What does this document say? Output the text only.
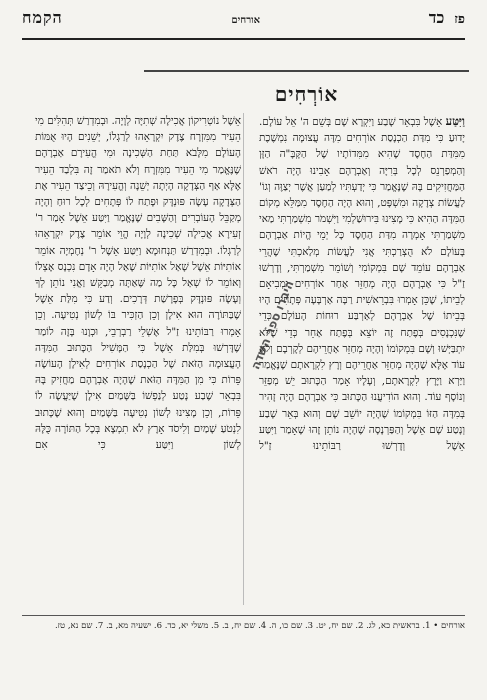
פז
כד
אורחים
הקמח
אוֹרְחִים

וַיִּטַּע אֵשֶׁל בִּבְאֵר שָׁבַע וַיִּקְרָא שָׁם בְּשֵׁם ה' אֵל עוֹלָם. יָדוּעַ כִּי מִדַּת הַכְנָסַת אוֹרְחִים מִדָּה עֲצוּמָה נִמְשֶׁכֶת מִמִּדַּת הַחֶסֶד שֶׁהִיא מִמִּדוֹתָיו שֶׁל הַקָּבָּ"ה הַזָּן וְהַמְפַרְנֵס לְכָל בְּרִיָּה וְאַבְרָהָם אָבִינוּ הָיָה רֹאשׁ הַמַּחֲזִיקִים בָּהּ שֶׁנֶּאֱמַר כִּי יְדַעְתִּיו לְמַעַן אֲשֶׁר יְצַוֶּה וְגוֹ' לַעֲשׂוֹת צְדָקָה וּמִשְׁפָּט, וְהוּא הָיָה הַחֶסֶד מִמַּלֵּא מְקוֹם הַמִּדָּה הַהִיא כִּי מָצִינוּ בִּירוּשַׁלְמִי וַיִּשְׁמֹר מִשְׁמַרְתִּי מַאי מִשְׁמַרְתִּי אָמְרָה מִדַּת הַחֶסֶד כָּל יְמֵי הֱיוֹת אַבְרָהָם בָּעוֹלָם לֹא הֻצְרַכְתִּי אֲנִי לַעֲשׂוֹת מְלַאכְתִּי שֶׁהֲרֵי אַבְרָהָם עוֹמֵד שָׁם בִּמְקוֹמִי וְשׁוֹמֵר מִשְׁמַרְתִּי, וְדָרְשׁוּ זַ"ל כִּי אַבְרָהָם הָיָה מְחַזֵּר אַחַר אוֹרְחִים וּמְבִיאָם לְבֵיתוֹ, שֶׁכֵּן אָמְרוּ בִּבְרֵאשִׁית רַבָּה אַרְבָּעָה פְּתָחִים הָיוּ בְּבֵיתוֹ שֶׁל אַבְרָהָם לְאַרְבַּע רוּחוֹת הָעוֹלָם כְּדֵי שֶׁנִּכְנָסִים בְּפֶתַח זֶה יוֹצֵא בְּפֶתַח אַחֵר כְּדֵי שֶׁלֹּא יִתְבַּיְּשׁוּ וְשָׁם בִּמְקוֹמוֹ וְהָיָה מְחַזֵּר אַחֲרֵיהֶם לְקָרְבָם וְלֹא עוֹד אֶלָּא שֶׁהָיָה מְחַזֵּר אַחֲרֵיהֶם וְרָץ לִקְרָאתָם שֶׁנֶּאֱמַר וַיַּרְא וַיָּרָץ לִקְרָאתָם, וְעָלָיו אָמַר הַכָּתוּב יֵשׁ מְפַזֵּר וְנוֹסָף עוֹד. וְהוּא הוֹדִיעֲנוּ הַכָּתוּב כִּי אַבְרָהָם הָיָה זָהִיר בְּמִדָּה הַזּוֹ בִּמְקוֹמוֹ שֶׁהָיָה יוֹשֵׁב שָׁם וְהוּא בְּאֵר שָׁבַע וְנָטַע שָׁם אֵשֶׁל וְהַפַּרְנָסָה שֶׁהָיָה נוֹתֵן זֶהוּ שֶׁאָמַר וַיִּטַּע אֵשֶׁל וְדָרְשׁוּ רַבּוֹתֵינוּ זַ"ל

אֵשֶׁל נוֹטְרִיקוֹן אֲכִילָה שְׁתִיָּה לְוָיָה. וּבְמִדְרַשׁ תְּהִלִּים מִי הֵעִיר מִמִּזְרָח צֶדֶק יִקְרָאֵהוּ לְרַגְלוֹ, יְשֵׁנִים הָיוּ אֻמּוֹת הָעוֹלָם מִלָּבֹא תַּחַת הַשְּׁכִינָה וּמִי הֱעִירָם אַבְרָהָם שֶׁנֶּאֱמַר מִי הֵעִיר מִמִּזְרָח וְלֹא תֹאמַר זֶה בִּלְבַד הֵעִיר אֶלָּא אַף הַצְּדָקָה הָיְתָה יְשֵׁנָה וְהֱעִירָהּ וְכֵיצַד הֵעִיר אֶת הַצְּדָקָה עָשָׂה פּוּנְדָּק וּפָתַח לוֹ פְּתָחִים לְכָל רוּחַ וְהָיָה מְקַבֵּל הָעוֹבְרִים וְהַשָּׁבִים שֶׁנֶּאֱמַר וַיִּטַּע אֵשֶׁל אָמַר ר' זְעִירָא אֲכִילָה שְׁכִינָה לְוָיָה הֱוֵי אוֹמֵר צֶדֶק יִקְרָאֵהוּ לְרַגְלוֹ. וּבְמִדְרַשׁ תַּנְחוּמָא וַיִּטַּע אֵשֶׁל ר' נְחֶמְיָה אוֹמֵר אוֹתִיּוֹת אֵשֶׁל שָׁאַל אוֹתִיּוֹת שָׁאַל הָיָה אָדָם נִכְנָס אֶצְלוֹ וְאוֹמֵר לוֹ שְׁאַל כָּל מַה שֶּׁאַתָּה מְבַקֵּשׁ וַאֲנִי נוֹתֵן לְךָ וְעָשָׂה פּוּנְדָּק בְּפָרָשַׁת דְּרָכִים. וְדַע כִּי מִלַּת אֵשֶׁל שֶׁבַּתּוֹרָה הוּא אִילָן וְכֵן הַזְכִּיר בּוֹ לְשׁוֹן נְטִיעָה. וְכֵן אָמְרוּ רַבּוֹתֵינוּ זַ"ל אֶשְׁלֵי רַבְרְבֵי, וּכְוָנוּ בָּזֶה לוֹמַר שֶׁדָּרְשׁוּ בְּמִלַּת אֵשֶׁל כִּי הַמָּשִׁיל הַכָּתוּב הַמִּדָּה הָעֲצוּמָה הַזֹּאת שֶׁל הַכְנָסַת אוֹרְחִים לְאִילָן הָעוֹשֶׂה פֵּרוֹת כִּי מִן הַמִּדָּה הַזֹּאת שֶׁהָיָה אַבְרָהָם מַחֲזִיק בָּהּ בִּבְאֵר שֶׁבַע נָטַע לְנַפְשׁוֹ בַּשָּׁמַיִם אִילָן שֶׁיַּעֲשֶׂה לוֹ פֵּרוֹת, וְכֵן מָצִינוּ לְשׁוֹן נְטִיעָה בַּשָּׁמַיִם וְהוּא שֶׁכָּתוּב לִנְטֹעַ שָׁמַיִם וְלִיסֹד אָרֶץ לֹא תִמְצָא בְּכָל הַתּוֹרָה כֻּלָּהּ לְשׁוֹן וַיִּטַּע כִּי אִם

היברו ספר השדה
אורחים • 1. בראשית כא, לג. 2. שם יח, יט. 3. שם כו, ה. 4. שם יח, ב. 5. משלי יא, כד. 6. ישעיה מא, ב. 7. שם נא, טז.
